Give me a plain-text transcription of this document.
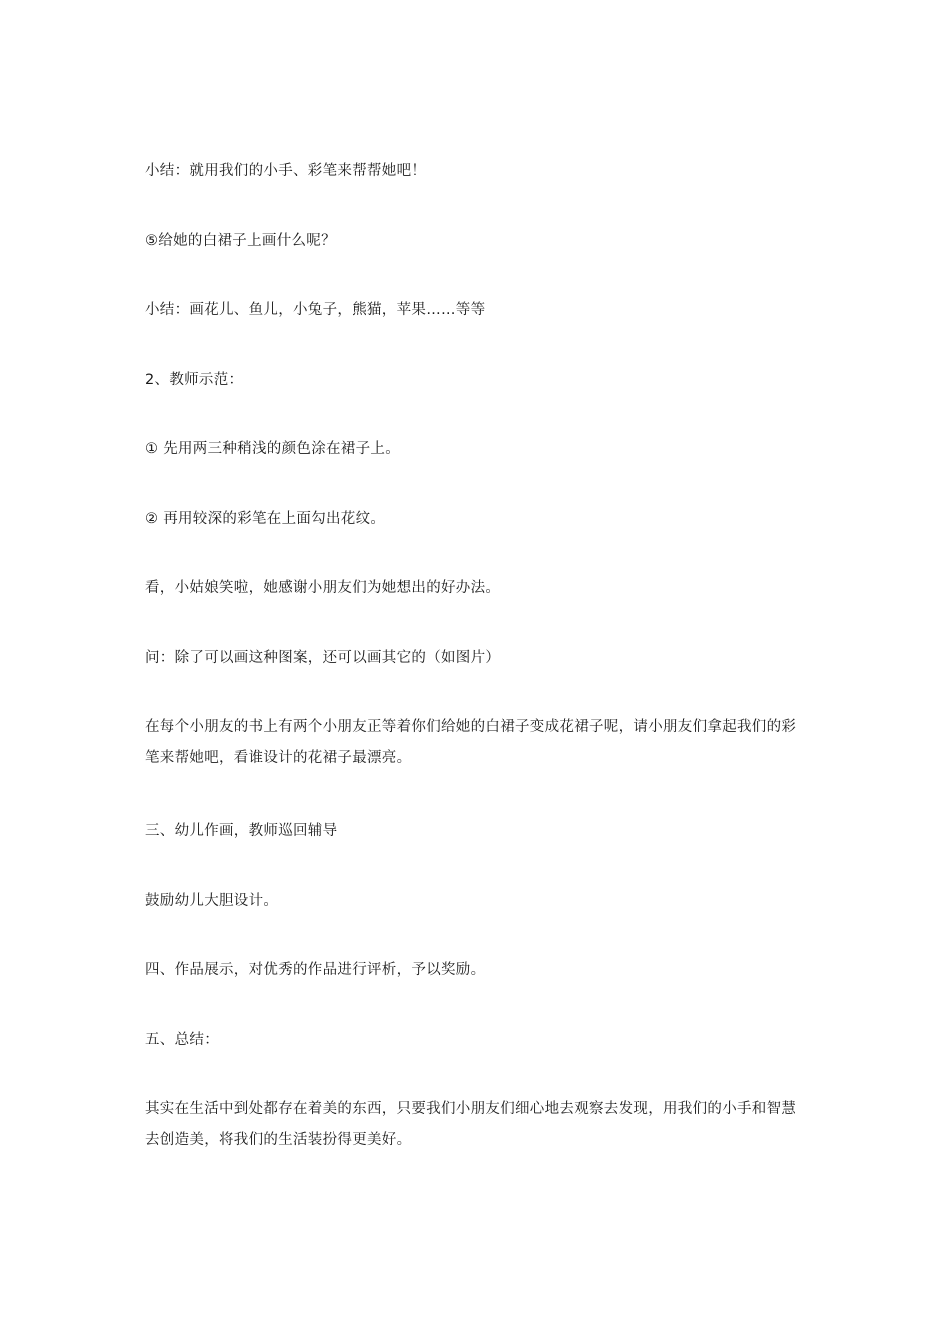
小结：就用我们的小手、彩笔来帮帮她吧！

⑤给她的白裙子上画什么呢？

小结：画花儿、鱼儿，小兔子，熊猫，苹果……等等

2、教师示范：

① 先用两三种稍浅的颜色涂在裙子上。

② 再用较深的彩笔在上面勾出花纹。

看，小姑娘笑啦，她感谢小朋友们为她想出的好办法。

问：除了可以画这种图案，还可以画其它的（如图片）

在每个小朋友的书上有两个小朋友正等着你们给她的白裙子变成花裙子呢，请小朋友们拿起我们的彩笔来帮她吧，看谁设计的花裙子最漂亮。

三、幼儿作画，教师巡回辅导

鼓励幼儿大胆设计。

四、作品展示，对优秀的作品进行评析，予以奖励。

五、总结：

其实在生活中到处都存在着美的东西，只要我们小朋友们细心地去观察去发现，用我们的小手和智慧去创造美，将我们的生活装扮得更美好。
